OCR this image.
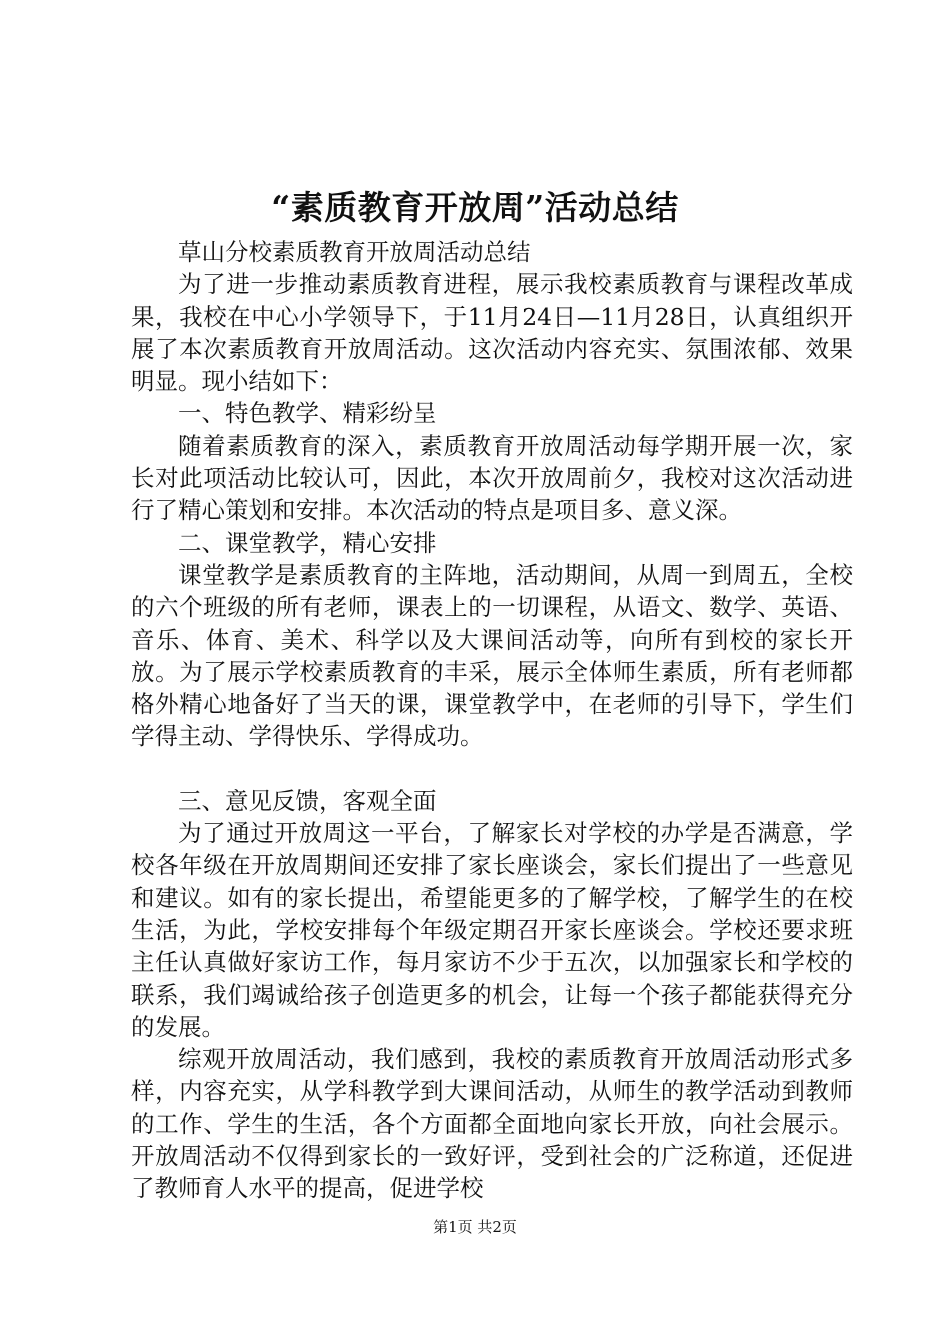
“素质教育开放周”活动总结

草山分校素质教育开放周活动总结

为了进一步推动素质教育进程，展示我校素质教育与课程改革成果，我校在中心小学领导下，于11月24日—11月28日，认真组织开展了本次素质教育开放周活动。这次活动内容充实、氛围浓郁、效果明显。现小结如下：

一、特色教学、精彩纷呈

随着素质教育的深入，素质教育开放周活动每学期开展一次，家长对此项活动比较认可，因此，本次开放周前夕，我校对这次活动进行了精心策划和安排。本次活动的特点是项目多、意义深。

二、课堂教学，精心安排

课堂教学是素质教育的主阵地，活动期间，从周一到周五，全校的六个班级的所有老师，课表上的一切课程，从语文、数学、英语、音乐、体育、美术、科学以及大课间活动等，向所有到校的家长开放。为了展示学校素质教育的丰采，展示全体师生素质，所有老师都格外精心地备好了当天的课，课堂教学中，在老师的引导下，学生们学得主动、学得快乐、学得成功。

三、意见反馈，客观全面

为了通过开放周这一平台，了解家长对学校的办学是否满意，学校各年级在开放周期间还安排了家长座谈会，家长们提出了一些意见和建议。如有的家长提出，希望能更多的了解学校，了解学生的在校生活，为此，学校安排每个年级定期召开家长座谈会。学校还要求班主任认真做好家访工作，每月家访不少于五次，以加强家长和学校的联系，我们竭诚给孩子创造更多的机会，让每一个孩子都能获得充分的发展。

综观开放周活动，我们感到，我校的素质教育开放周活动形式多样，内容充实，从学科教学到大课间活动，从师生的教学活动到教师的工作、学生的生活，各个方面都全面地向家长开放，向社会展示。开放周活动不仅得到家长的一致好评，受到社会的广泛称道，还促进了教师育人水平的提高，促进学校

第1页 共2页
